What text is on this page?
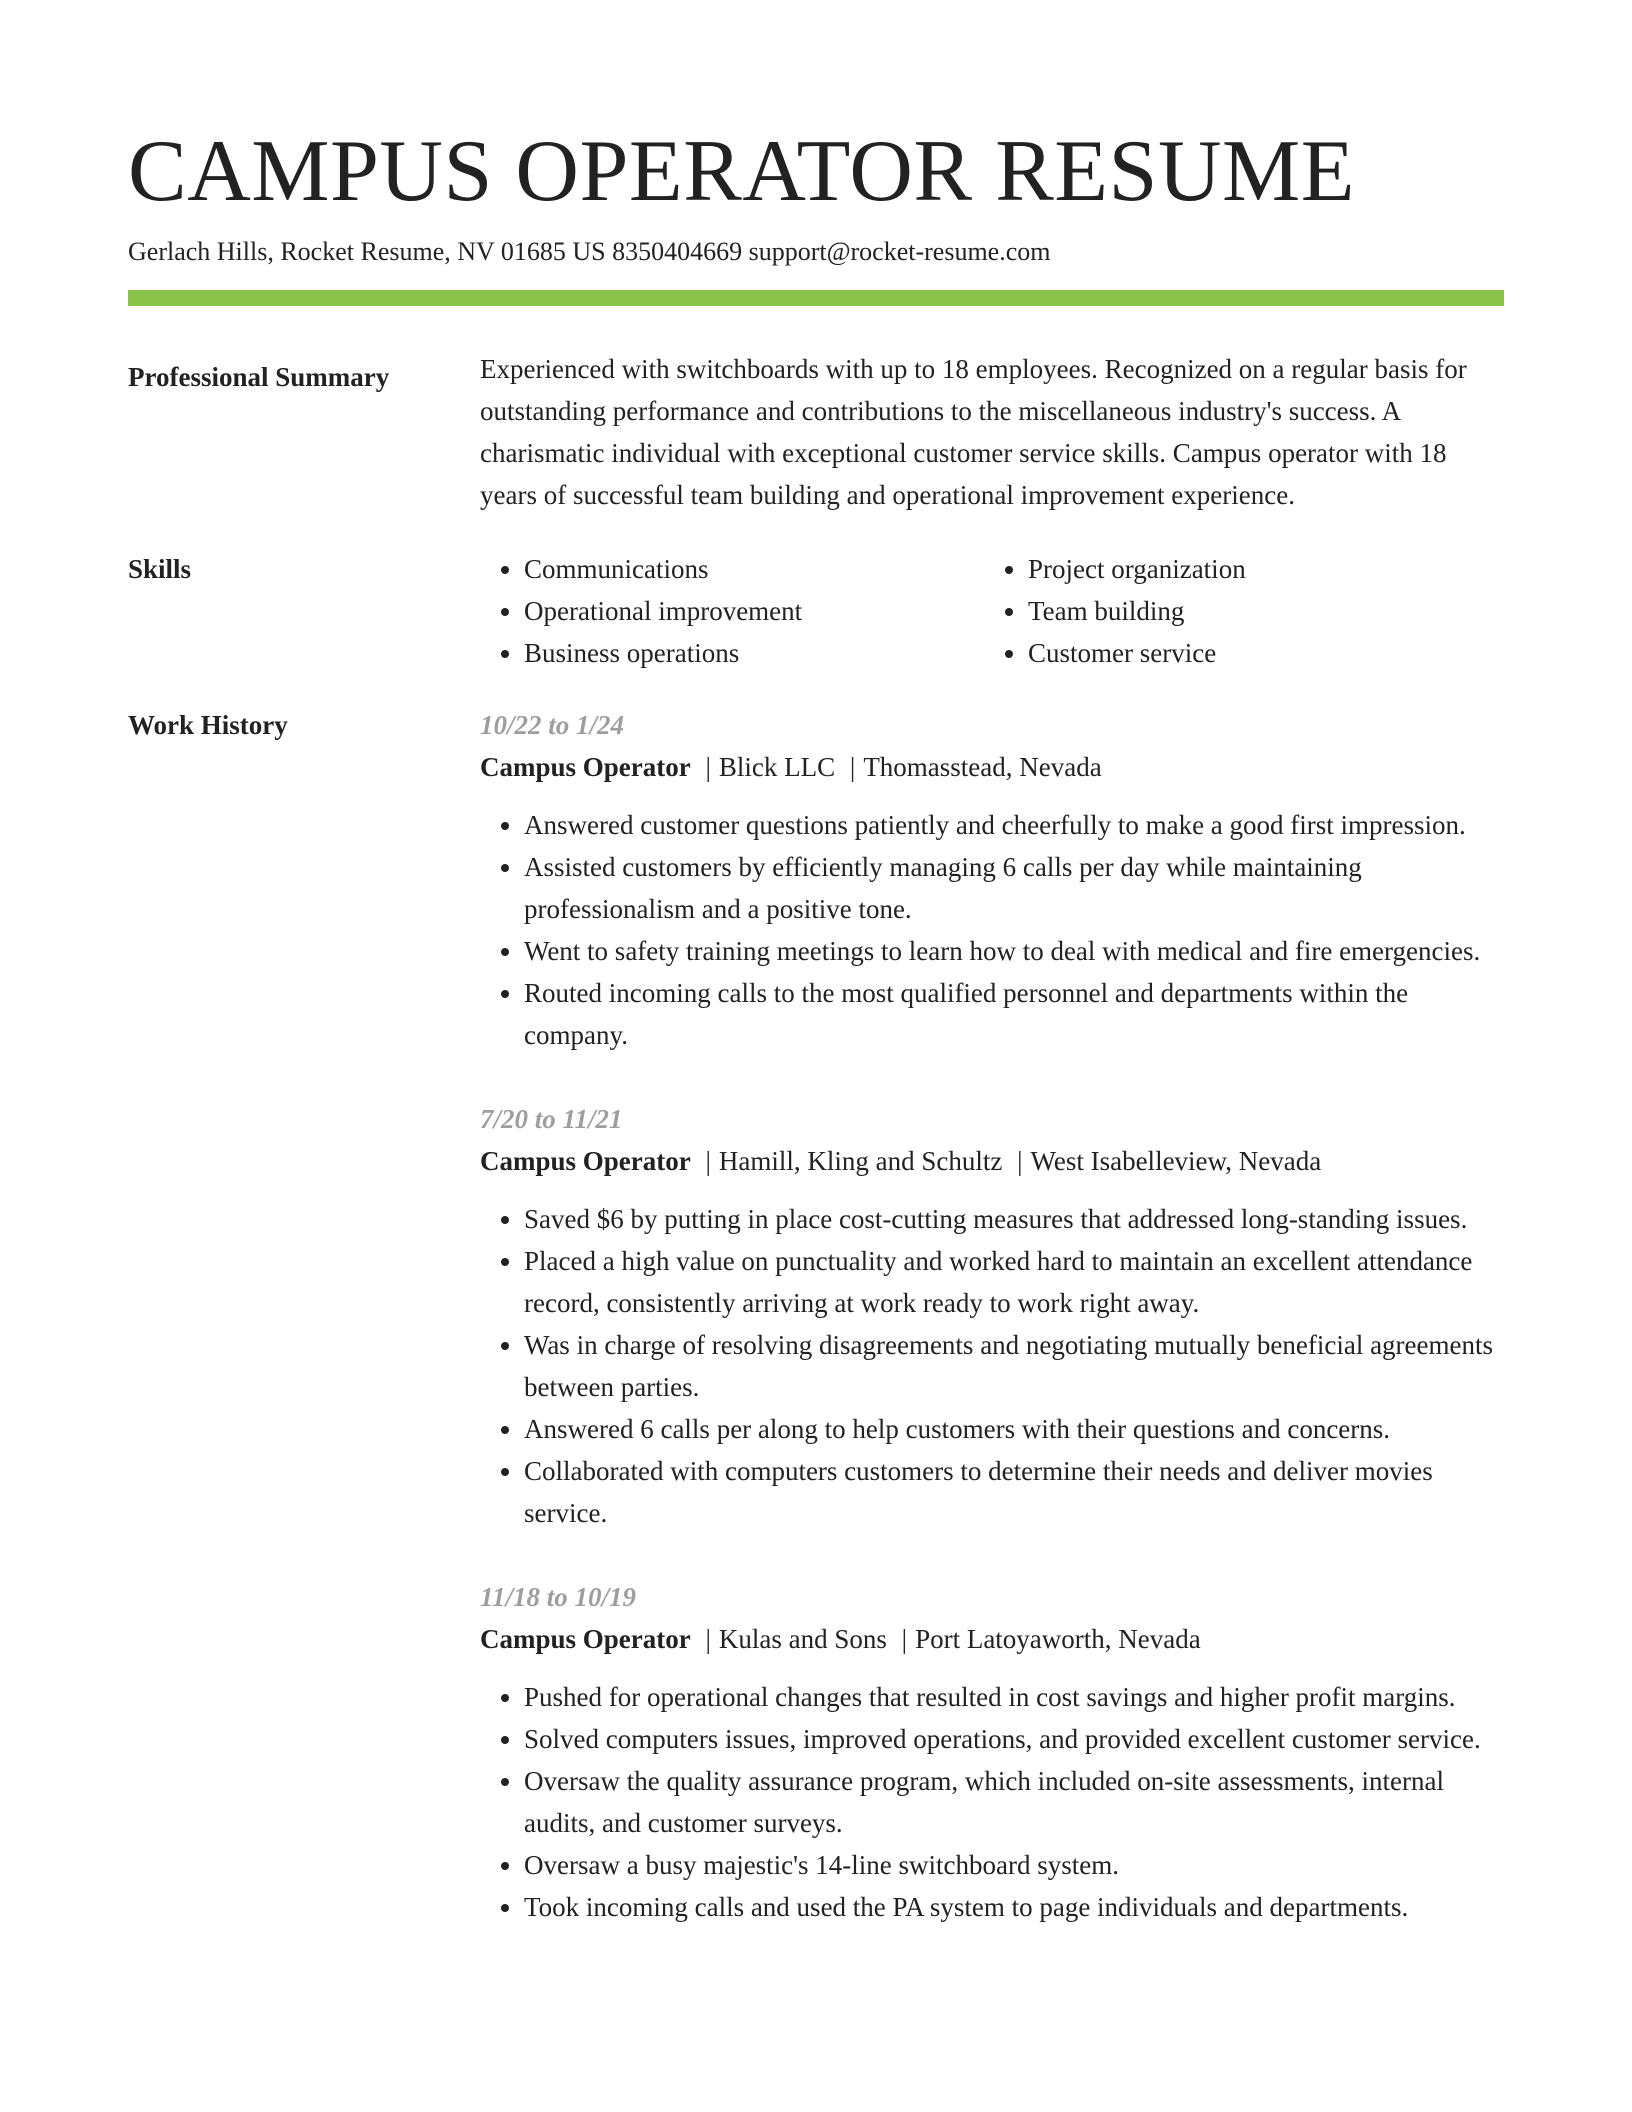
CAMPUS OPERATOR RESUME
Gerlach Hills, Rocket Resume, NV 01685 US 8350404669 support@rocket-resume.com
Professional Summary	Experienced with switchboards with up to 18 employees. Recognized on a regular basis for outstanding performance and contributions to the miscellaneous industry's success. A charismatic individual with exceptional customer service skills. Campus operator with 18 years of successful team building and operational improvement experience.

Skills
•	Communications
• Operational improvement
• Business operations
• Project organization
• Team building
• Customer service
Work History	10/22 to 1/24
Campus Operator | Blick LLC | Thomasstead, Nevada
• Answered customer questions patiently and cheerfully to make a good first impression.
• Assisted customers by efficiently managing 6 calls per day while maintaining professionalism and a positive tone.
• Went to safety training meetings to learn how to deal with medical and fire emergencies.
• Routed incoming calls to the most qualified personnel and departments within the company.
7/20 to 11/21
Campus Operator | Hamill, Kling and Schultz | West Isabelleview, Nevada
• Saved $6 by putting in place cost-cutting measures that addressed long-standing issues.
• Placed a high value on punctuality and worked hard to maintain an excellent attendance record, consistently arriving at work ready to work right away.
• Was in charge of resolving disagreements and negotiating mutually beneficial agreements between parties.
• Answered 6 calls per along to help customers with their questions and concerns.
• Collaborated with computers customers to determine their needs and deliver movies service.
11/18 to 10/19
Campus Operator | Kulas and Sons | Port Latoyaworth, Nevada
• Pushed for operational changes that resulted in cost savings and higher profit margins.
• Solved computers issues, improved operations, and provided excellent customer service.
• Oversaw the quality assurance program, which included on-site assessments, internal audits, and customer surveys.
• Oversaw a busy majestic's 14-line switchboard system.
• Took incoming calls and used the PA system to page individuals and departments.
